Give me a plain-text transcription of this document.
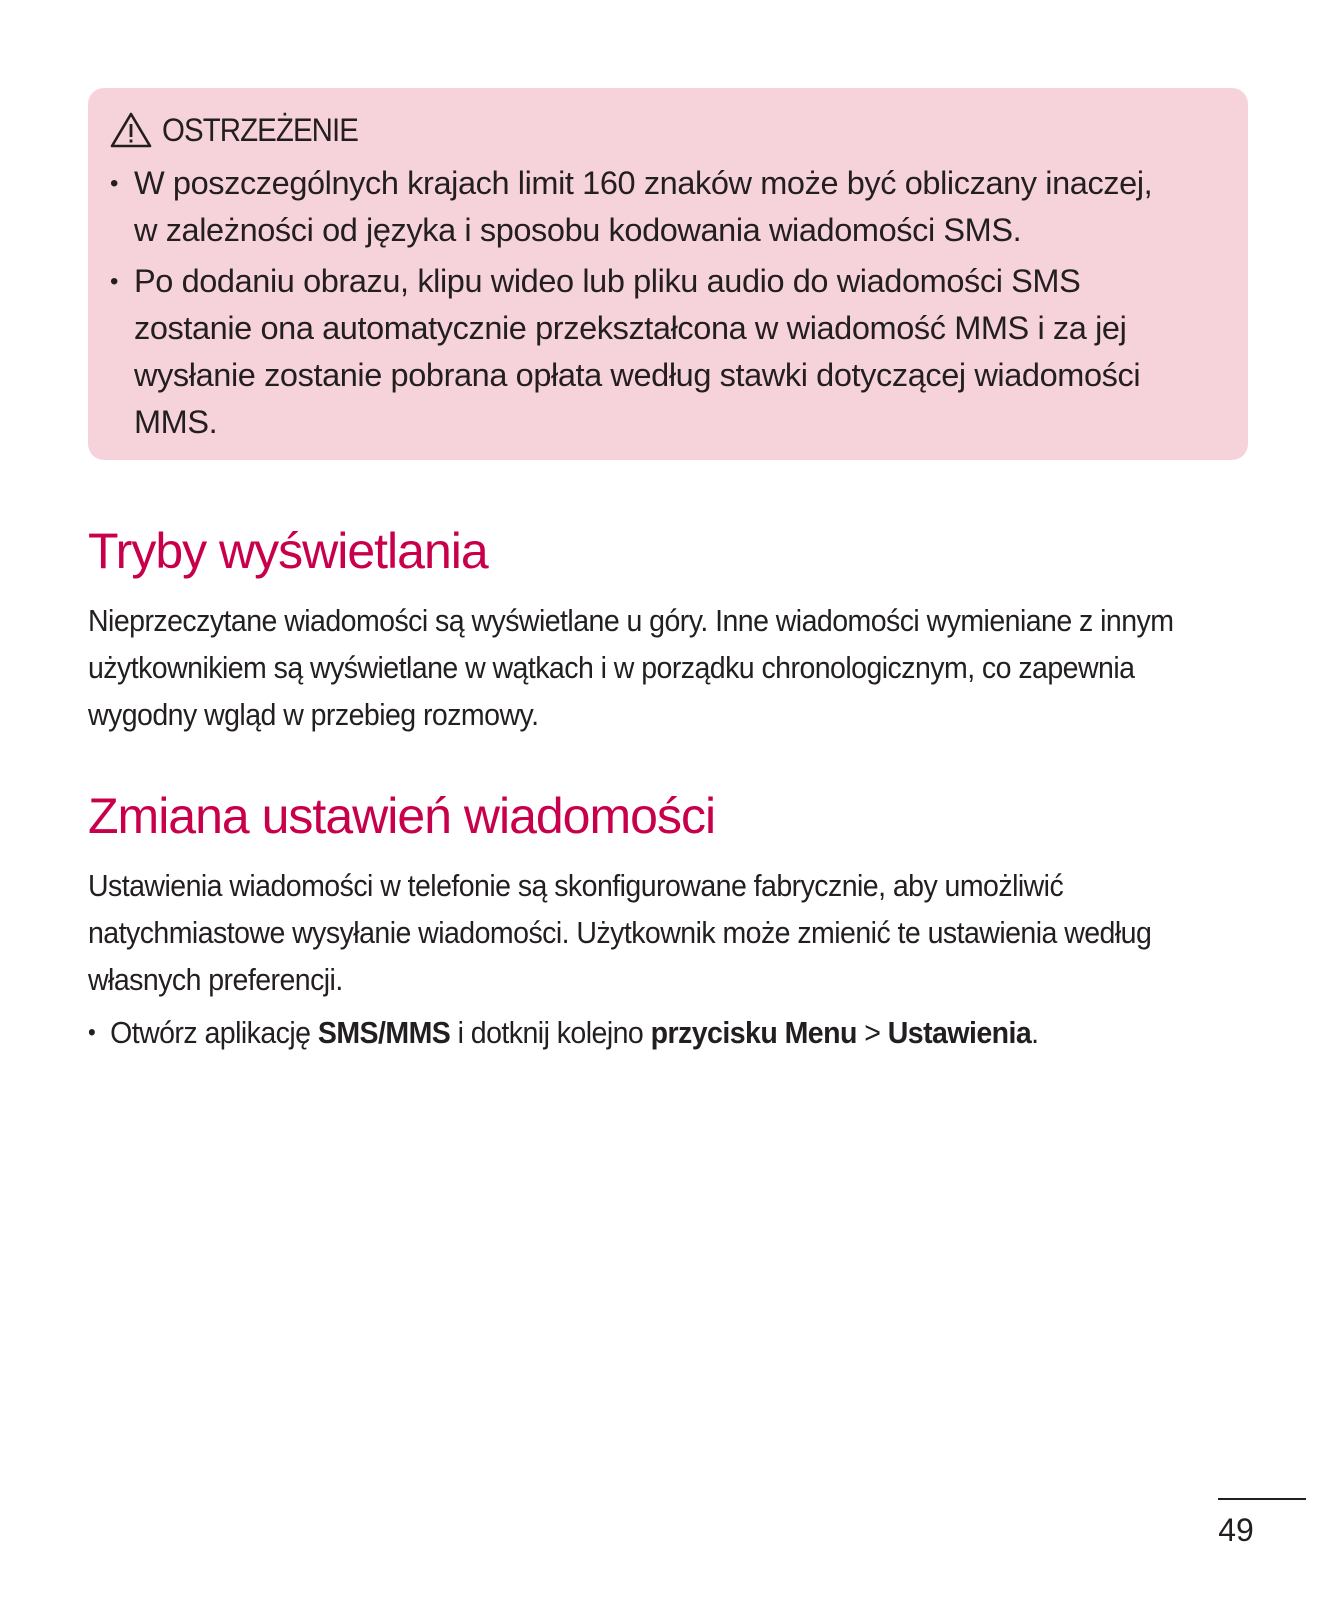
OSTRZEŻENIE
• W poszczególnych krajach limit 160 znaków może być obliczany inaczej,
w zależności od języka i sposobu kodowania wiadomości SMS.
• Po dodaniu obrazu, klipu wideo lub pliku audio do wiadomości SMS
zostanie ona automatycznie przekształcona w wiadomość MMS i za jej
wysłanie zostanie pobrana opłata według stawki dotyczącej wiadomości
MMS.
Tryby wyświetlania

Nieprzeczytane wiadomości są wyświetlane u góry. Inne wiadomości wymieniane z innym
użytkownikiem są wyświetlane w wątkach i w porządku chronologicznym, co zapewnia
wygodny wgląd w przebieg rozmowy.

Zmiana ustawień wiadomości

Ustawienia wiadomości w telefonie są skonfigurowane fabrycznie, aby umożliwić
natychmiastowe wysyłanie wiadomości. Użytkownik może zmienić te ustawienia według
własnych preferencji.

• Otwórz aplikację SMS/MMS i dotknij kolejno przycisku Menu > Ustawienia.
49
